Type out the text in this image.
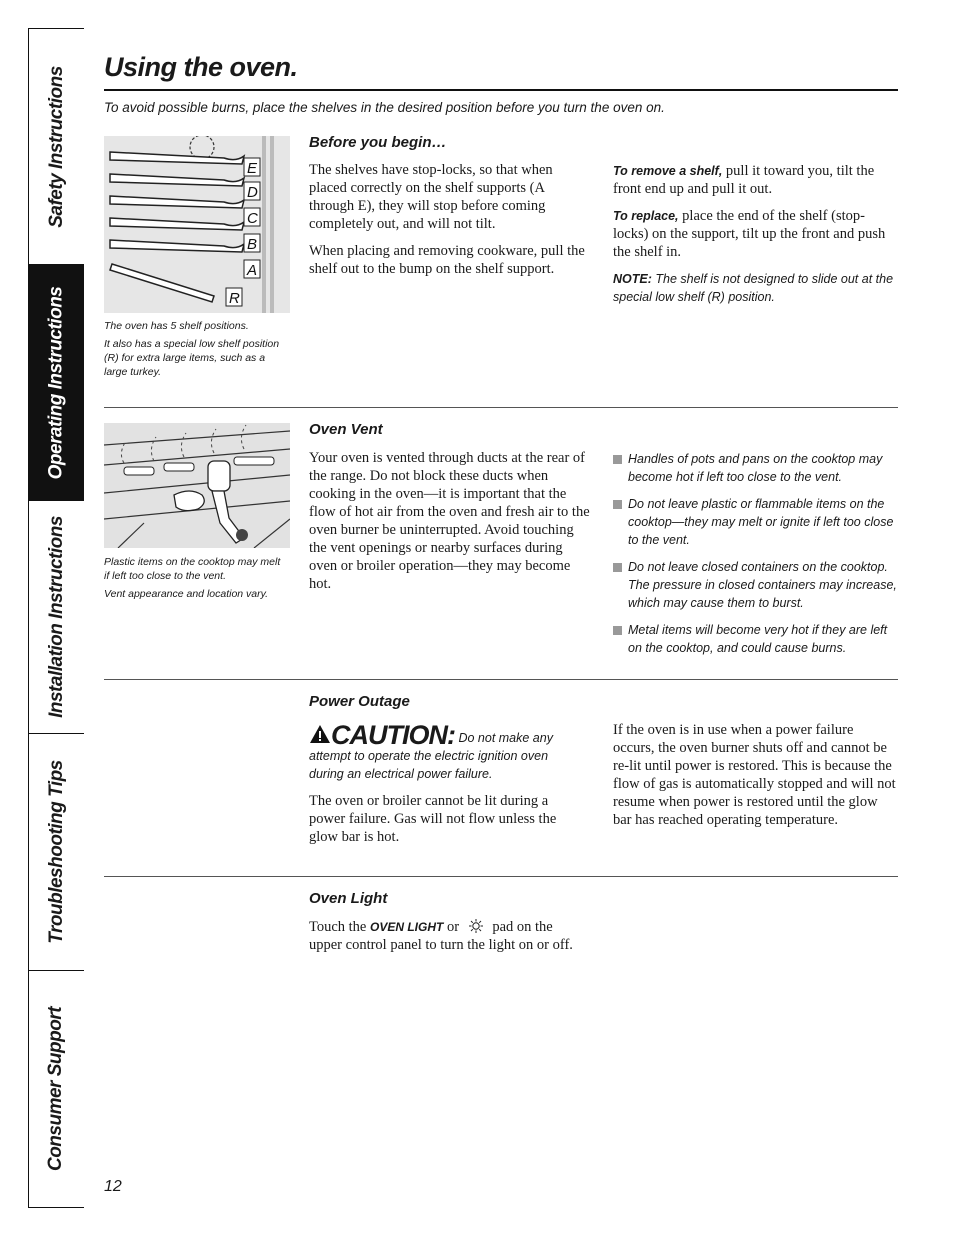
Safety Instructions
Operating Instructions
Installation Instructions
Troubleshooting Tips
Consumer Support
Using the oven.
To avoid possible burns, place the shelves in the desired position before you turn the oven on.
E
D
C
B
A
R

The oven has 5 shelf positions.

It also has a special low shelf position (R) for extra large items, such as a large turkey.

Before you begin…

The shelves have stop-locks, so that when placed correctly on the shelf supports (A through E), they will stop before coming completely out, and will not tilt.

When placing and removing cookware, pull the shelf out to the bump on the shelf support.

To remove a shelf, pull it toward you, tilt the front end up and pull it out.

To replace, place the end of the shelf (stop-locks) on the support, tilt up the front and push the shelf in.

NOTE: The shelf is not designed to slide out at the special low shelf (R) position.

Plastic items on the cooktop may melt if left too close to the vent.

Vent appearance and location vary.

Oven Vent

Your oven is vented through ducts at the rear of the range. Do not block these ducts when cooking in the oven—it is important that the flow of hot air from the oven and fresh air to the oven burner be uninterrupted. Avoid touching the vent openings or nearby surfaces during oven or broiler operation—they may become hot.

Handles of pots and pans on the cooktop may become hot if left too close to the vent.
Do not leave plastic or flammable items on the cooktop—they may melt or ignite if left too close to the vent.
Do not leave closed containers on the cooktop. The pressure in closed containers may increase, which may cause them to burst.
Metal items will become very hot if they are left on the cooktop, and could cause burns.
Power Outage

CAUTION: Do not make any attempt to operate the electric ignition oven during an electrical power failure.

The oven or broiler cannot be lit during a power failure. Gas will not flow unless the glow bar is hot.

If the oven is in use when a power failure occurs, the oven burner shuts off and cannot be re-lit until power is restored. This is because the flow of gas is automatically stopped and will not resume when power is restored until the glow bar has reached operating temperature.

Oven Light

Touch the OVEN LIGHT or pad on the upper control panel to turn the light on or off.

12
